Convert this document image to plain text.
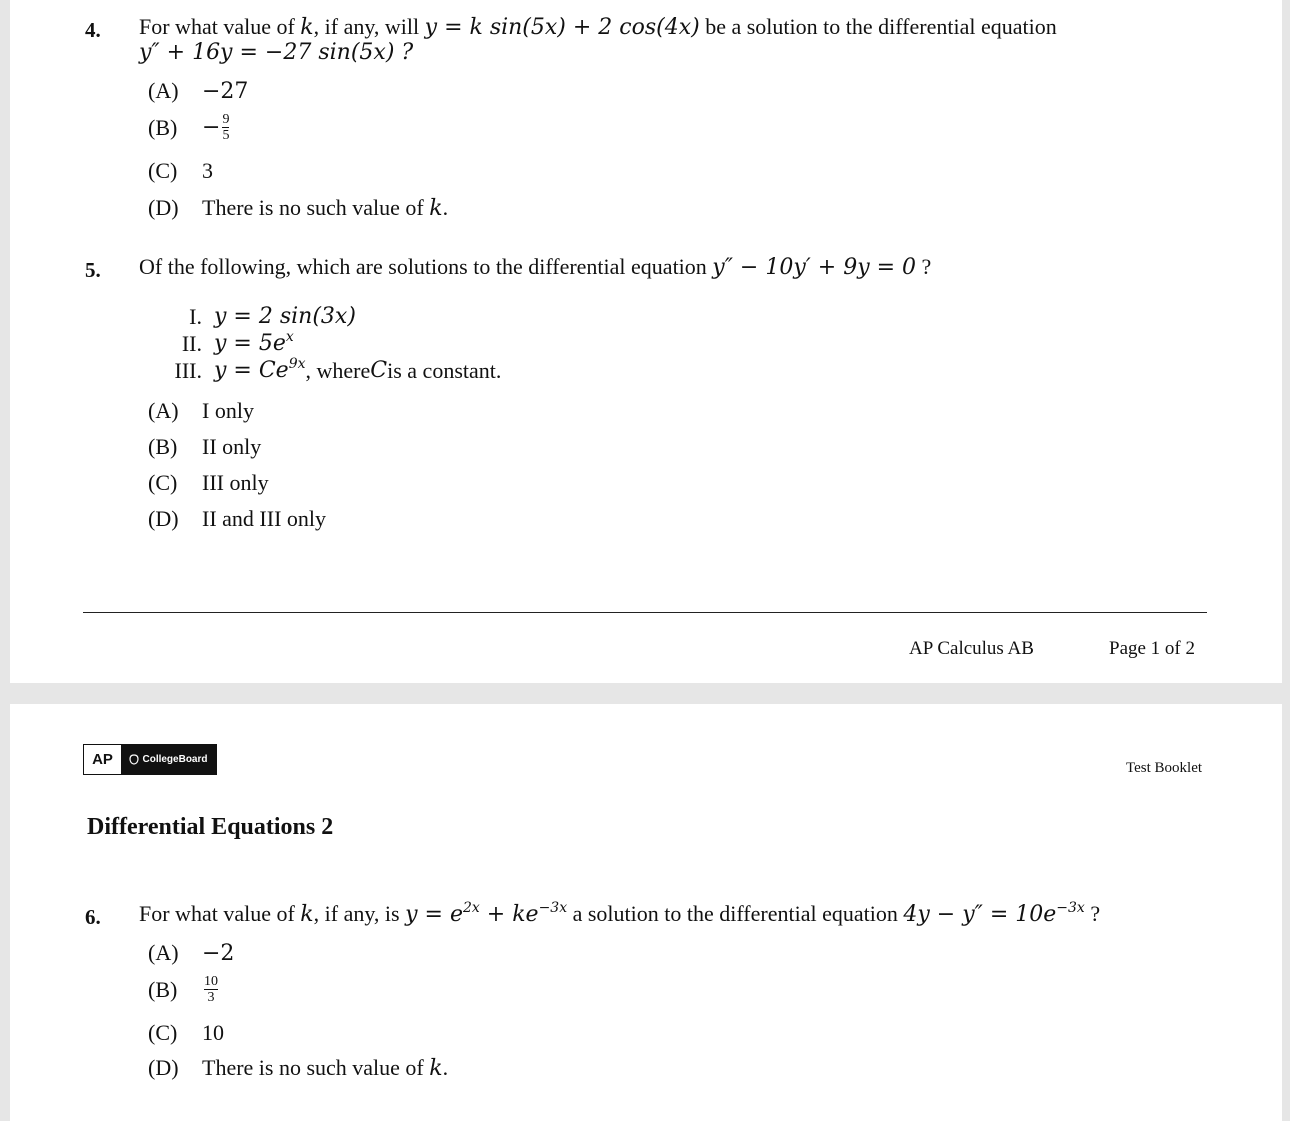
4. For what value of k, if any, will y = k sin(5x) + 2 cos(4x) be a solution to the differential equation
y″ + 16y = −27 sin(5x) ?
(A)	−27
(B)	− $\frac{9}{5}$
(C)	3
(D)	There is no such value of
k .
5. Of the following, which are solutions to the differential equation y″ − 10y′ + 9y = 0 ?
I. y = 2 sin(3x)
II. $y = 5e^x$
III. $y = Ce^{9x}$ , where C is a constant.
(A)	I only
(B)	II only
(C)	III only
(D)	II and III only
AP Calculus AB	Page 1 of 2
AP	CollegeBoard
Test Booklet
Differential Equations 2
6. For what value of k, if any, is $y = e^{2x} + ke^{-3x}$ a solution to the differential equation $4y - y'' = 10e^{-3x}$ ?
(A)	−2
(B)	$\frac{10}{3}$
(C)	10
(D)	There is no such value of
k .
